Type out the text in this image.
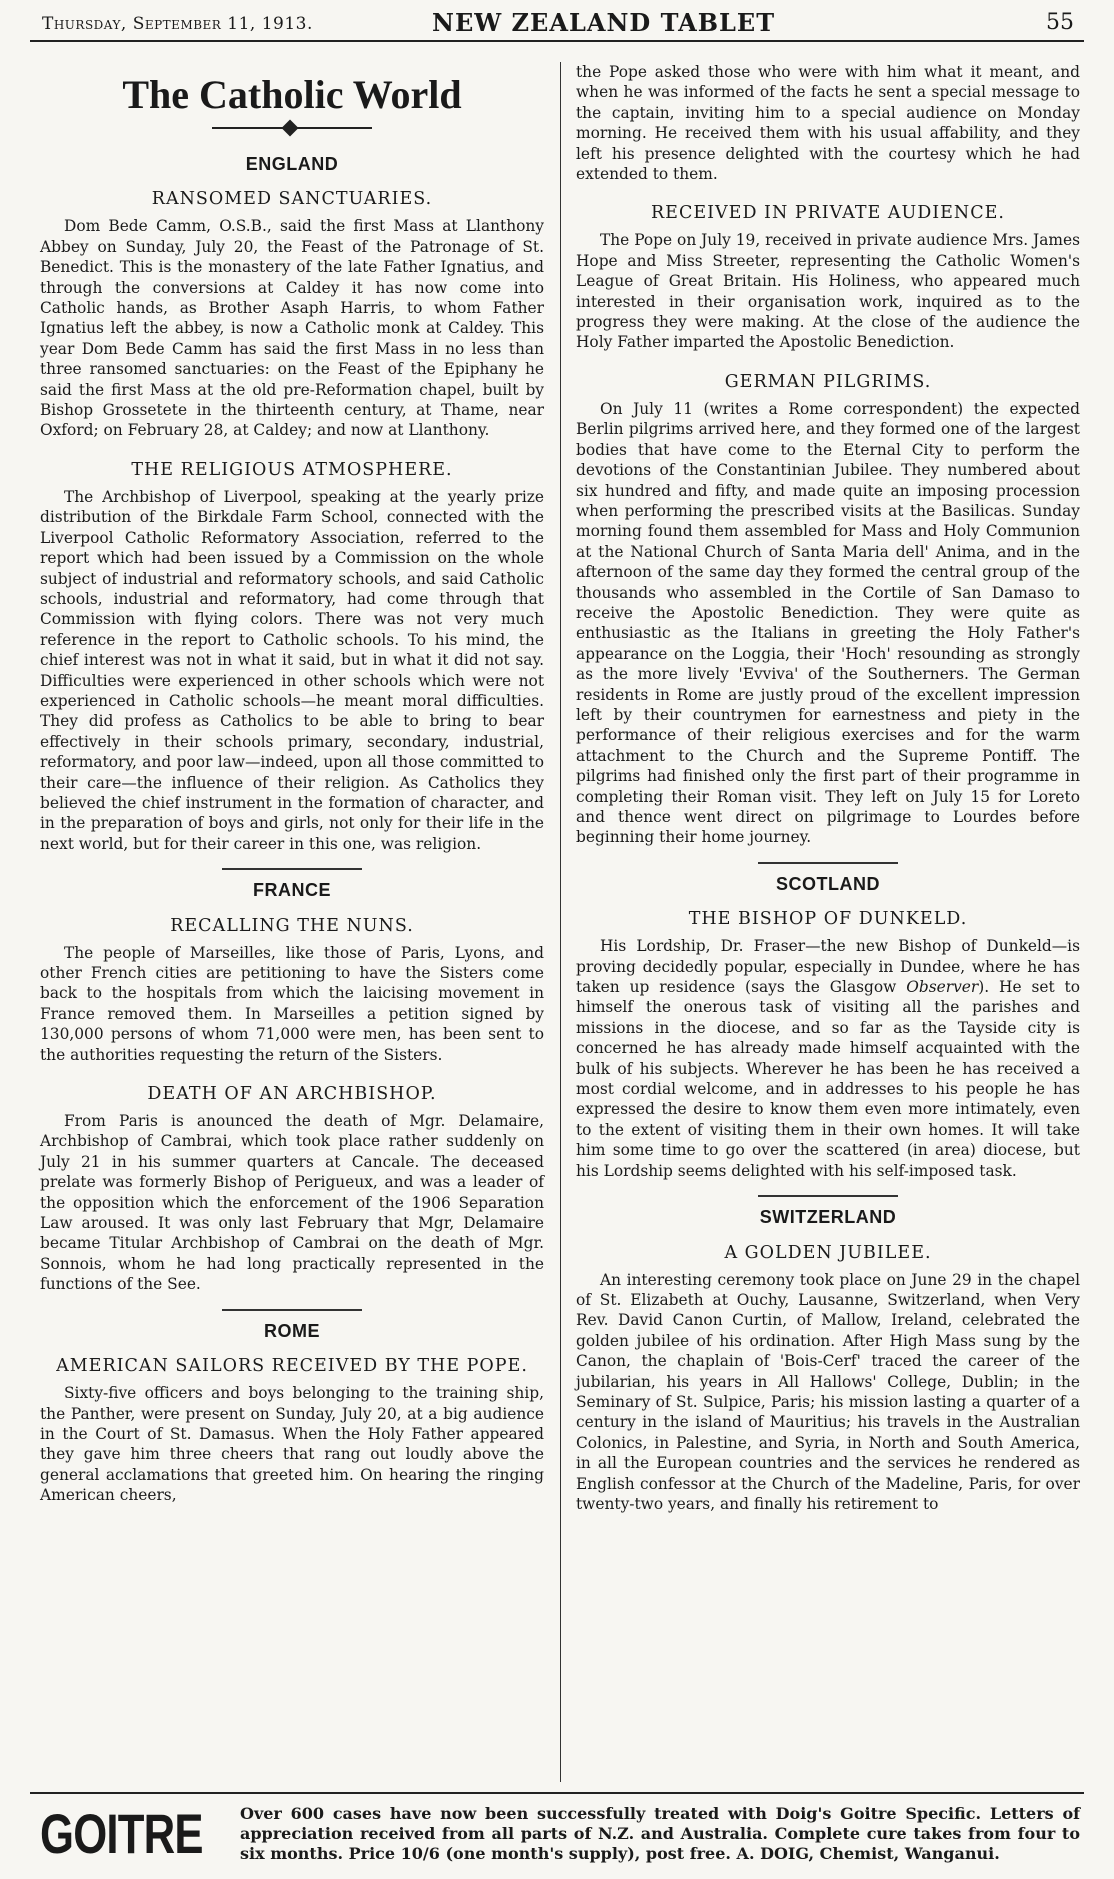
Thursday, September 11, 1913.	NEW ZEALAND TABLET	55
The Catholic World
ENGLAND
RANSOMED SANCTUARIES.

Dom Bede Camm, O.S.B., said the first Mass at Llanthony Abbey on Sunday, July 20, the Feast of the Patronage of St. Benedict. This is the monastery of the late Father Ignatius, and through the conversions at Caldey it has now come into Catholic hands, as Brother Asaph Harris, to whom Father Ignatius left the abbey, is now a Catholic monk at Caldey. This year Dom Bede Camm has said the first Mass in no less than three ransomed sanctuaries: on the Feast of the Epiphany he said the first Mass at the old pre-Reformation chapel, built by Bishop Grossetete in the thirteenth century, at Thame, near Oxford; on February 28, at Caldey; and now at Llanthony.

THE RELIGIOUS ATMOSPHERE.

The Archbishop of Liverpool, speaking at the yearly prize distribution of the Birkdale Farm School, connected with the Liverpool Catholic Reformatory Association, referred to the report which had been issued by a Commission on the whole subject of industrial and reformatory schools, and said Catholic schools, industrial and reformatory, had come through that Commission with flying colors. There was not very much reference in the report to Catholic schools. To his mind, the chief interest was not in what it said, but in what it did not say. Difficulties were experienced in other schools which were not experienced in Catholic schools—he meant moral difficulties. They did profess as Catholics to be able to bring to bear effectively in their schools primary, secondary, industrial, reformatory, and poor law—indeed, upon all those committed to their care—the influence of their religion. As Catholics they believed the chief instrument in the formation of character, and in the preparation of boys and girls, not only for their life in the next world, but for their career in this one, was religion.

FRANCE
RECALLING THE NUNS.

The people of Marseilles, like those of Paris, Lyons, and other French cities are petitioning to have the Sisters come back to the hospitals from which the laicising movement in France removed them. In Marseilles a petition signed by 130,000 persons of whom 71,000 were men, has been sent to the authorities requesting the return of the Sisters.

DEATH OF AN ARCHBISHOP.

From Paris is anounced the death of Mgr. Delamaire, Archbishop of Cambrai, which took place rather suddenly on July 21 in his summer quarters at Cancale. The deceased prelate was formerly Bishop of Perigueux, and was a leader of the opposition which the enforcement of the 1906 Separation Law aroused. It was only last February that Mgr, Delamaire became Titular Archbishop of Cambrai on the death of Mgr. Sonnois, whom he had long practically represented in the functions of the See.

ROME
AMERICAN SAILORS RECEIVED BY THE POPE.

Sixty-five officers and boys belonging to the training ship, the Panther, were present on Sunday, July 20, at a big audience in the Court of St. Damasus. When the Holy Father appeared they gave him three cheers that rang out loudly above the general acclamations that greeted him. On hearing the ringing American cheers,

the Pope asked those who were with him what it meant, and when he was informed of the facts he sent a special message to the captain, inviting him to a special audience on Monday morning. He received them with his usual affability, and they left his presence delighted with the courtesy which he had extended to them.

RECEIVED IN PRIVATE AUDIENCE.

The Pope on July 19, received in private audience Mrs. James Hope and Miss Streeter, representing the Catholic Women's League of Great Britain. His Holiness, who appeared much interested in their organisation work, inquired as to the progress they were making. At the close of the audience the Holy Father imparted the Apostolic Benediction.

GERMAN PILGRIMS.

On July 11 (writes a Rome correspondent) the expected Berlin pilgrims arrived here, and they formed one of the largest bodies that have come to the Eternal City to perform the devotions of the Constantinian Jubilee. They numbered about six hundred and fifty, and made quite an imposing procession when performing the prescribed visits at the Basilicas. Sunday morning found them assembled for Mass and Holy Communion at the National Church of Santa Maria dell' Anima, and in the afternoon of the same day they formed the central group of the thousands who assembled in the Cortile of San Damaso to receive the Apostolic Benediction. They were quite as enthusiastic as the Italians in greeting the Holy Father's appearance on the Loggia, their 'Hoch' resounding as strongly as the more lively 'Evviva' of the Southerners. The German residents in Rome are justly proud of the excellent impression left by their countrymen for earnestness and piety in the performance of their religious exercises and for the warm attachment to the Church and the Supreme Pontiff. The pilgrims had finished only the first part of their programme in completing their Roman visit. They left on July 15 for Loreto and thence went direct on pilgrimage to Lourdes before beginning their home journey.

SCOTLAND
THE BISHOP OF DUNKELD.

His Lordship, Dr. Fraser—the new Bishop of Dunkeld—is proving decidedly popular, especially in Dundee, where he has taken up residence (says the Glasgow Observer). He set to himself the onerous task of visiting all the parishes and missions in the diocese, and so far as the Tayside city is concerned he has already made himself acquainted with the bulk of his subjects. Wherever he has been he has received a most cordial welcome, and in addresses to his people he has expressed the desire to know them even more intimately, even to the extent of visiting them in their own homes. It will take him some time to go over the scattered (in area) diocese, but his Lordship seems delighted with his self-imposed task.

SWITZERLAND
A GOLDEN JUBILEE.

An interesting ceremony took place on June 29 in the chapel of St. Elizabeth at Ouchy, Lausanne, Switzerland, when Very Rev. David Canon Curtin, of Mallow, Ireland, celebrated the golden jubilee of his ordination. After High Mass sung by the Canon, the chaplain of 'Bois-Cerf' traced the career of the jubilarian, his years in All Hallows' College, Dublin; in the Seminary of St. Sulpice, Paris; his mission lasting a quarter of a century in the island of Mauritius; his travels in the Australian Colonics, in Palestine, and Syria, in North and South America, in all the European countries and the services he rendered as English confessor at the Church of the Madeline, Paris, for over twenty-two years, and finally his retirement to

GOITRE Over 600 cases have now been successfully treated with Doig's Goitre Specific. Letters of appreciation received from all parts of N.Z. and Australia. Complete cure takes from four to six months. Price 10/6 (one month's supply), post free. A. DOIG, Chemist, Wanganui.
